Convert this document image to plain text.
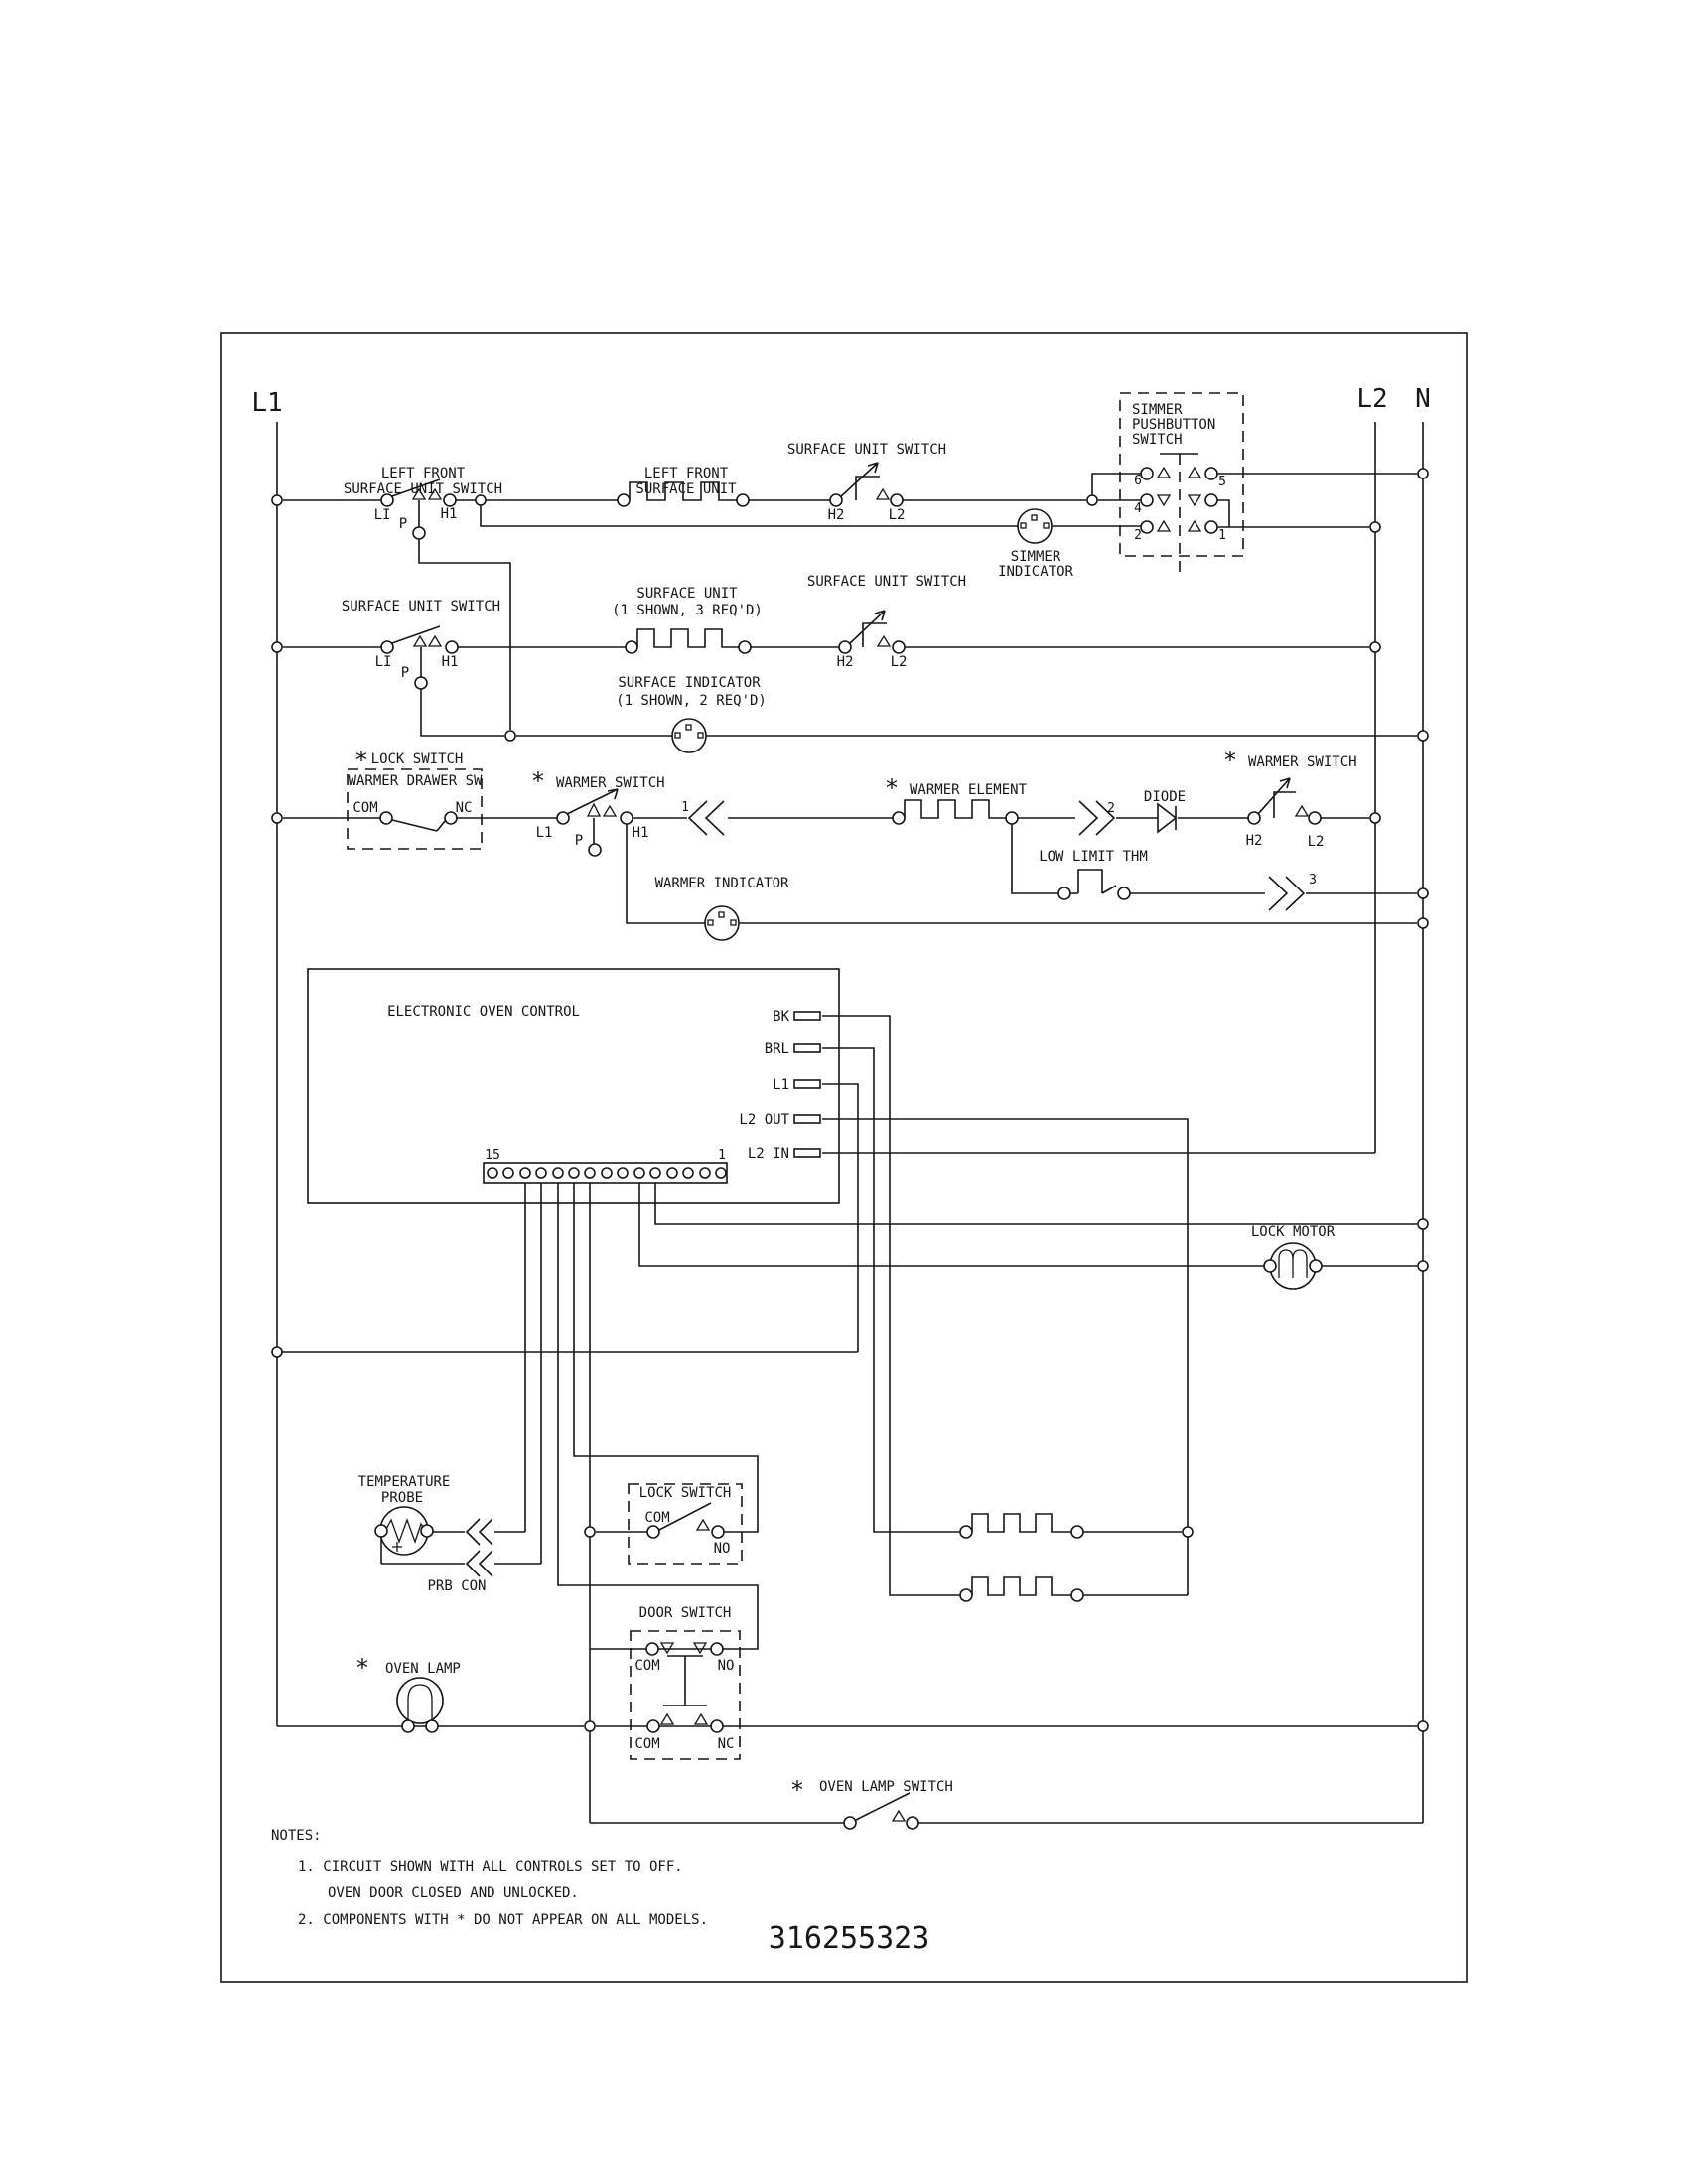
L1	L2 N
LEFT FRONT
SURFACE UNIT SWITCH
LEFT FRONT
SURFACE UNIT
SURFACE UNIT SWITCH
SIMMER
PUSHBUTTON
SWITCH
6
4
2
5
1
LI
P
H1	H2	L2
SIMMER
INDICATOR
SURFACE UNIT SWITCH
SURFACE UNIT
(1 SHOWN, 3 REQ'D)
SURFACE UNIT SWITCH
LI
P
H1	H2	L2
SURFACE INDICATOR
(1 SHOWN, 2 REQ'D)
* LOCK SWITCH
WARMER DRAWER SW
COM	NC
* WARMER SWITCH
L1 P	H1
1
* WARMER ELEMENT
2
DIODE
LOW LIMIT THM
H2	L2
* WARMER SWITCH
3
WARMER INDICATOR
ELECTRONIC OVEN CONTROL	BK
BRL
L1
L2 OUT
L2 IN
15	1
LOCK MOTOR
TEMPERATURE
PROBE
PRB CON
LOCK SWITCH
COM
NO
DOOR SWITCH
COM	NO
COM	NC
* OVEN LAMP
* OVEN LAMP SWITCH
NOTES:
1. CIRCUIT SHOWN WITH ALL CONTROLS SET TO OFF.
OVEN DOOR CLOSED AND UNLOCKED.
2. COMPONENTS WITH * DO NOT APPEAR ON ALL MODELS.
316255323
